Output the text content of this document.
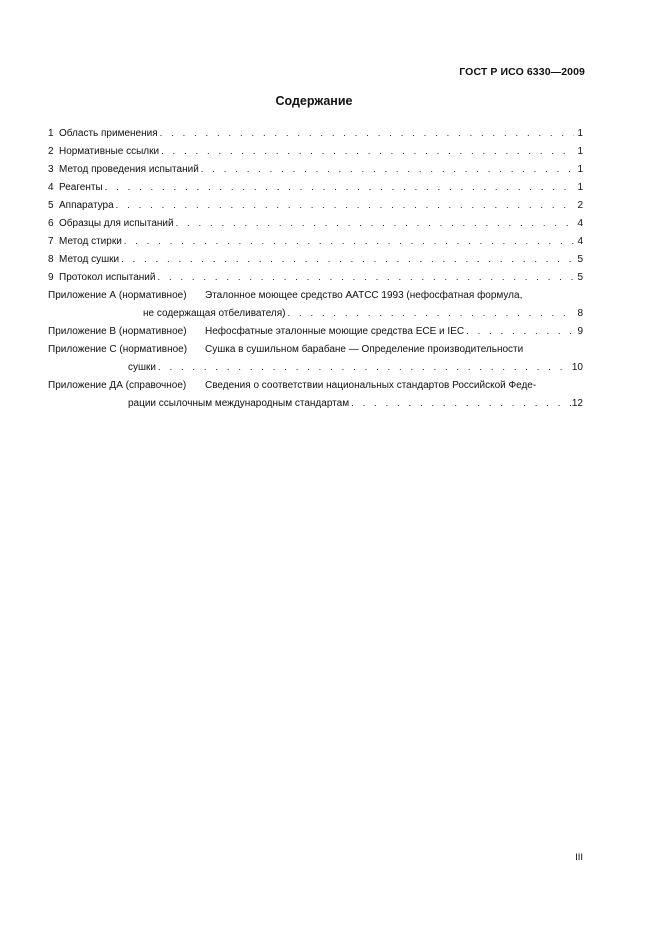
ГОСТ Р ИСО 6330—2009
Содержание
1 Область применения . . .	1
2 Нормативные ссылки . . .	1
3 Метод проведения испытаний . . .	1
4 Реагенты . . .	1
5 Аппаратура . . .	2
6 Образцы для испытаний . . .	4
7 Метод стирки . . .	4
8 Метод сушки . . .	5
9 Протокол испытаний . . .	5
Приложение А (нормативное)	Эталонное моющее средство AATCC 1993 (нефосфатная формула,
не содержащая отбеливателя) . . .	8
Приложение В (нормативное)	Нефосфатные эталонные моющие средства ECE и IEC . . .	9
Приложение С (нормативное)	Сушка в сушильном барабане — Определение производительности
сушки . . .	10
Приложение ДА (справочное)	Сведения о соответствии национальных стандартов Российской Феде-
рации ссылочным международным стандартам . . .	12
III
